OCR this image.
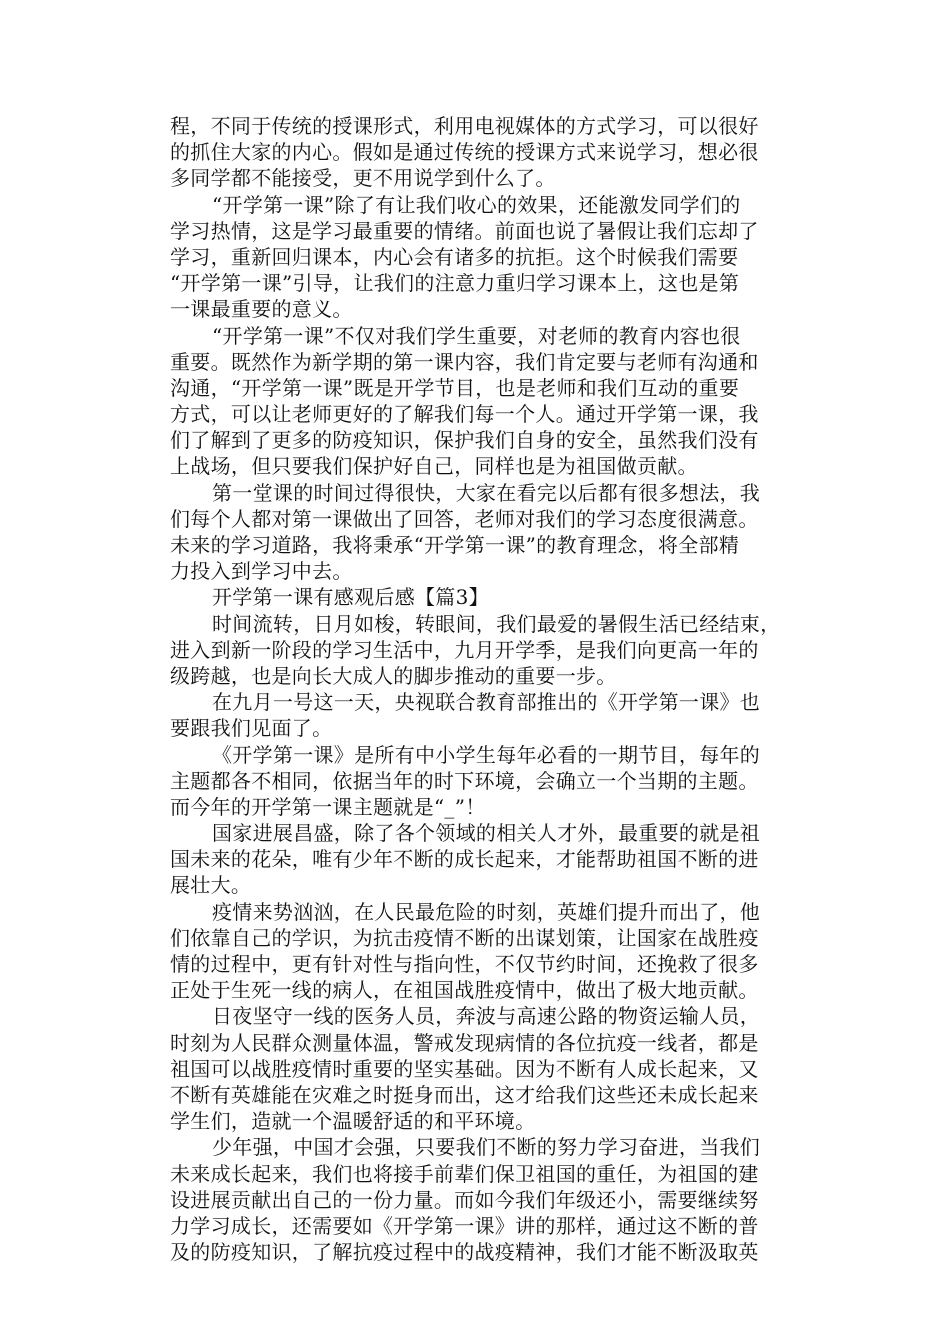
程，不同于传统的授课形式，利用电视媒体的方式学习，可以很好
的抓住大家的内心。假如是通过传统的授课方式来说学习，想必很
多同学都不能接受，更不用说学到什么了。
“开学第一课”除了有让我们收心的效果，还能激发同学们的
学习热情，这是学习最重要的情绪。前面也说了暑假让我们忘却了
学习，重新回归课本，内心会有诸多的抗拒。这个时候我们需要
“开学第一课”引导，让我们的注意力重归学习课本上，这也是第
一课最重要的意义。
“开学第一课”不仅对我们学生重要，对老师的教育内容也很
重要。既然作为新学期的第一课内容，我们肯定要与老师有沟通和
沟通，“开学第一课”既是开学节目，也是老师和我们互动的重要
方式，可以让老师更好的了解我们每一个人。通过开学第一课，我
们了解到了更多的防疫知识，保护我们自身的安全，虽然我们没有
上战场，但只要我们保护好自己，同样也是为祖国做贡献。
第一堂课的时间过得很快，大家在看完以后都有很多想法，我
们每个人都对第一课做出了回答，老师对我们的学习态度很满意。
未来的学习道路，我将秉承“开学第一课”的教育理念，将全部精
力投入到学习中去。
开学第一课有感观后感【篇3】
时间流转，日月如梭，转眼间，我们最爱的暑假生活已经结束，
进入到新一阶段的学习生活中，九月开学季，是我们向更高一年的
级跨越，也是向长大成人的脚步推动的重要一步。
在九月一号这一天，央视联合教育部推出的《开学第一课》也
要跟我们见面了。
《开学第一课》是所有中小学生每年必看的一期节目，每年的
主题都各不相同，依据当年的时下环境，会确立一个当期的主题。
而今年的开学第一课主题就是“_”！
国家进展昌盛，除了各个领域的相关人才外，最重要的就是祖
国未来的花朵，唯有少年不断的成长起来，才能帮助祖国不断的进
展壮大。
疫情来势汹汹，在人民最危险的时刻，英雄们提升而出了，他
们依靠自己的学识，为抗击疫情不断的出谋划策，让国家在战胜疫
情的过程中，更有针对性与指向性，不仅节约时间，还挽救了很多
正处于生死一线的病人，在祖国战胜疫情中，做出了极大地贡献。
日夜坚守一线的医务人员，奔波与高速公路的物资运输人员，
时刻为人民群众测量体温，警戒发现病情的各位抗疫一线者，都是
祖国可以战胜疫情时重要的坚实基础。因为不断有人成长起来，又
不断有英雄能在灾难之时挺身而出，这才给我们这些还未成长起来
学生们，造就一个温暖舒适的和平环境。
少年强，中国才会强，只要我们不断的努力学习奋进，当我们
未来成长起来，我们也将接手前辈们保卫祖国的重任，为祖国的建
设进展贡献出自己的一份力量。而如今我们年级还小，需要继续努
力学习成长，还需要如《开学第一课》讲的那样，通过这不断的普
及的防疫知识，了解抗疫过程中的战疫精神，我们才能不断汲取英
